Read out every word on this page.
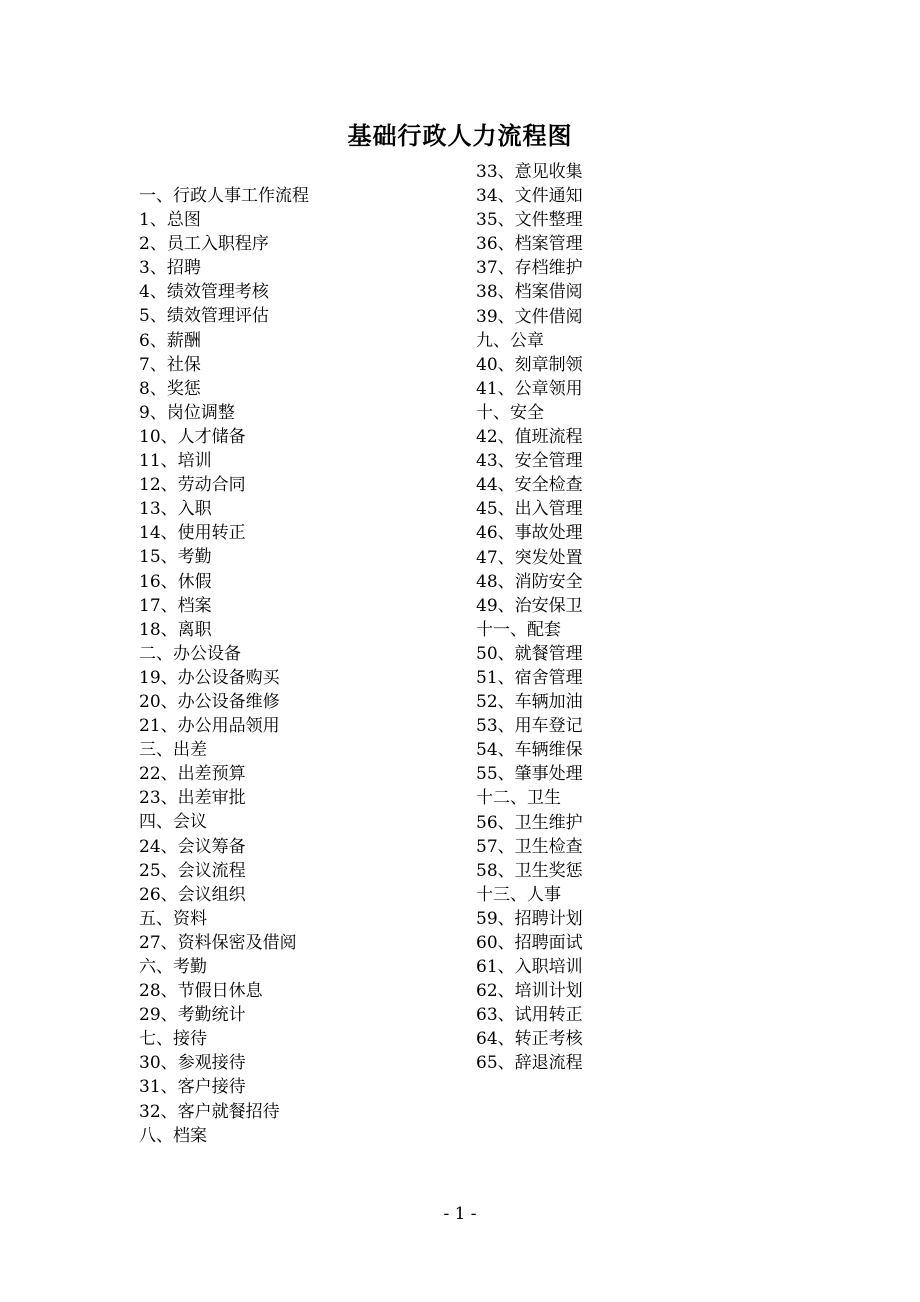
基础行政人力流程图
一、行政人事工作流程
1、总图
2、员工入职程序
3、招聘
4、绩效管理考核
5、绩效管理评估
6、薪酬
7、社保
8、奖惩
9、岗位调整
10、人才储备
11、培训
12、劳动合同
13、入职
14、使用转正
15、考勤
16、休假
17、档案
18、离职
二、办公设备
19、办公设备购买
20、办公设备维修
21、办公用品领用
三、出差
22、出差预算
23、出差审批
四、会议
24、会议筹备
25、会议流程
26、会议组织
五、资料
27、资料保密及借阅
六、考勤
28、节假日休息
29、考勤统计
七、接待
30、参观接待
31、客户接待
32、客户就餐招待
八、档案
33、意见收集
34、文件通知
35、文件整理
36、档案管理
37、存档维护
38、档案借阅
39、文件借阅
九、公章
40、刻章制领
41、公章领用
十、安全
42、值班流程
43、安全管理
44、安全检查
45、出入管理
46、事故处理
47、突发处置
48、消防安全
49、治安保卫
十一、配套
50、就餐管理
51、宿舍管理
52、车辆加油
53、用车登记
54、车辆维保
55、肇事处理
十二、卫生
56、卫生维护
57、卫生检查
58、卫生奖惩
十三、人事
59、招聘计划
60、招聘面试
61、入职培训
62、培训计划
63、试用转正
64、转正考核
65、辞退流程
- 1 -
